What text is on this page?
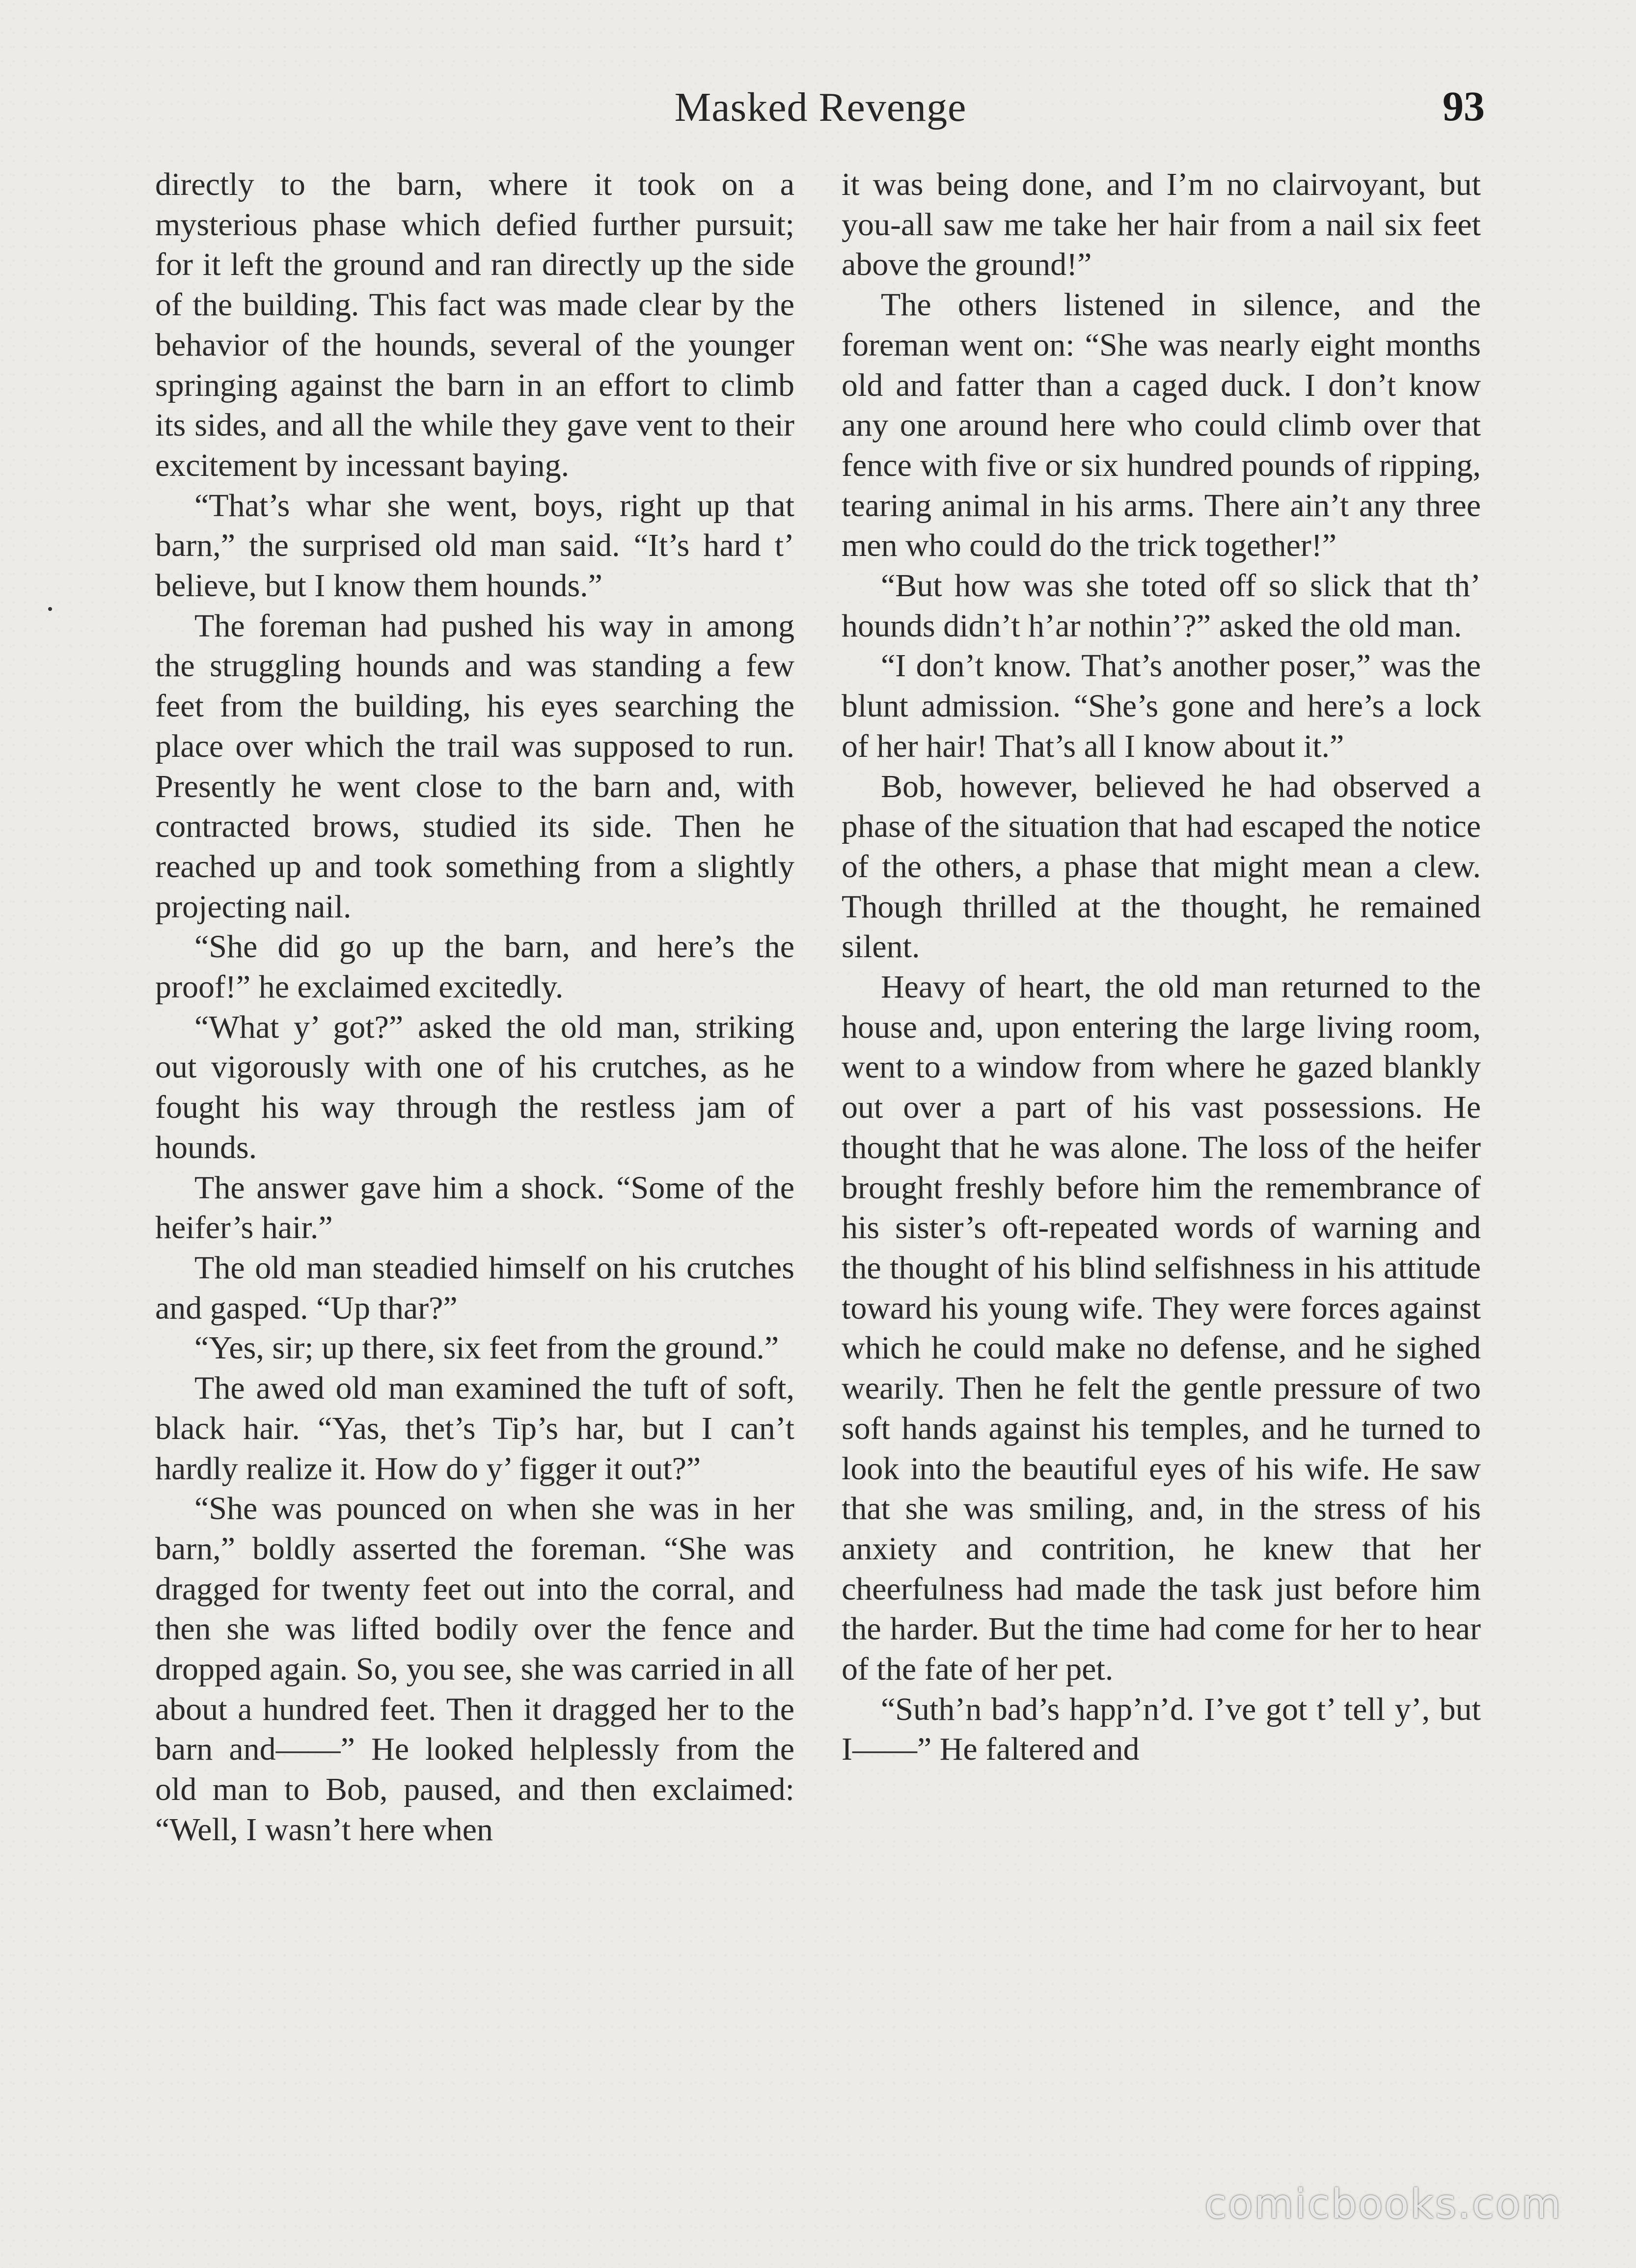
Masked Revenge	93

directly to the barn, where it took on a mysterious phase which defied further pursuit; for it left the ground and ran directly up the side of the building. This fact was made clear by the behavior of the hounds, several of the younger springing against the barn in an effort to climb its sides, and all the while they gave vent to their excitement by incessant baying.

“That’s whar she went, boys, right up that barn,” the surprised old man said. “It’s hard t’ believe, but I know them hounds.”

The foreman had pushed his way in among the struggling hounds and was standing a few feet from the building, his eyes searching the place over which the trail was supposed to run. Presently he went close to the barn and, with contracted brows, studied its side. Then he reached up and took something from a slightly projecting nail.

“She did go up the barn, and here’s the proof!” he exclaimed excitedly.

“What y’ got?” asked the old man, striking out vigorously with one of his crutches, as he fought his way through the restless jam of hounds.

The answer gave him a shock. “Some of the heifer’s hair.”

The old man steadied himself on his crutches and gasped. “Up thar?”

“Yes, sir; up there, six feet from the ground.”

The awed old man examined the tuft of soft, black hair. “Yas, thet’s Tip’s har, but I can’t hardly realize it. How do y’ figger it out?”

“She was pounced on when she was in her barn,” boldly asserted the foreman. “She was dragged for twenty feet out into the corral, and then she was lifted bodily over the fence and dropped again. So, you see, she was carried in all about a hundred feet. Then it dragged her to the barn and——” He looked helplessly from the old man to Bob, paused, and then exclaimed: “Well, I wasn’t here when

it was being done, and I’m no clairvoyant, but you-all saw me take her hair from a nail six feet above the ground!”

The others listened in silence, and the foreman went on: “She was nearly eight months old and fatter than a caged duck. I don’t know any one around here who could climb over that fence with five or six hundred pounds of ripping, tearing animal in his arms. There ain’t any three men who could do the trick together!”

“But how was she toted off so slick that th’ hounds didn’t h’ar nothin’?” asked the old man.

“I don’t know. That’s another poser,” was the blunt admission. “She’s gone and here’s a lock of her hair! That’s all I know about it.”

Bob, however, believed he had observed a phase of the situation that had escaped the notice of the others, a phase that might mean a clew. Though thrilled at the thought, he remained silent.

Heavy of heart, the old man returned to the house and, upon entering the large living room, went to a window from where he gazed blankly out over a part of his vast possessions. He thought that he was alone. The loss of the heifer brought freshly before him the remembrance of his sister’s oft-repeated words of warning and the thought of his blind selfishness in his attitude toward his young wife. They were forces against which he could make no defense, and he sighed wearily. Then he felt the gentle pressure of two soft hands against his temples, and he turned to look into the beautiful eyes of his wife. He saw that she was smiling, and, in the stress of his anxiety and contrition, he knew that her cheerfulness had made the task just before him the harder. But the time had come for her to hear of the fate of her pet.

“Suth’n bad’s happ’n’d. I’ve got t’ tell y’, but I——” He faltered and

comicbooks.com
